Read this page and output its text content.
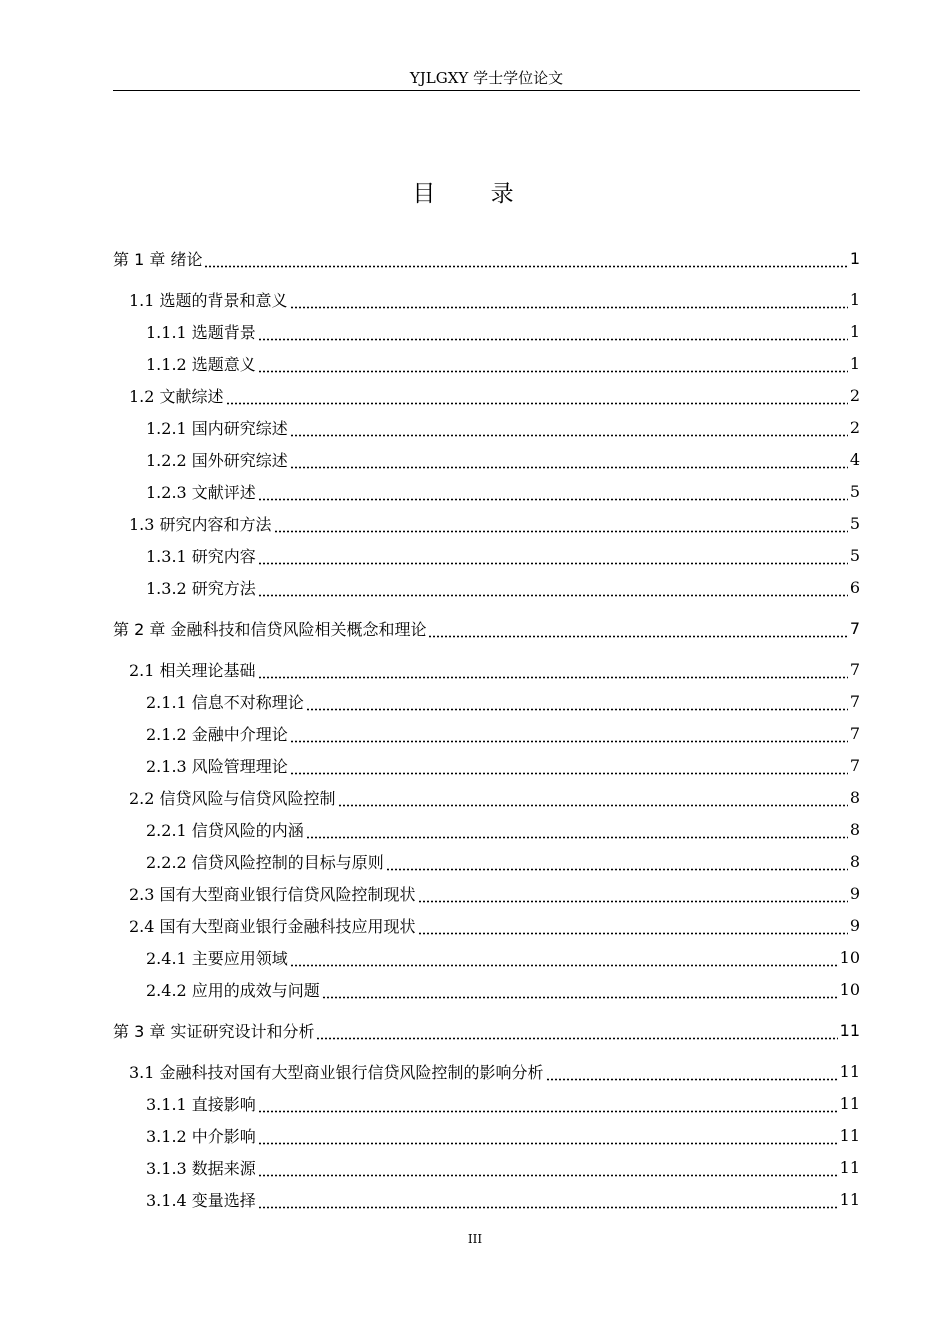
YJLGXY 学士学位论文
目 录
第 1 章 绪论	1
1.1 选题的背景和意义	1
1.1.1 选题背景	1
1.1.2 选题意义	1
1.2 文献综述	2
1.2.1 国内研究综述	2
1.2.2 国外研究综述	4
1.2.3 文献评述	5
1.3 研究内容和方法	5
1.3.1 研究内容	5
1.3.2 研究方法	6
第 2 章 金融科技和信贷风险相关概念和理论	7
2.1 相关理论基础	7
2.1.1 信息不对称理论	7
2.1.2 金融中介理论	7
2.1.3 风险管理理论	7
2.2 信贷风险与信贷风险控制	8
2.2.1 信贷风险的内涵	8
2.2.2 信贷风险控制的目标与原则	8
2.3 国有大型商业银行信贷风险控制现状	9
2.4 国有大型商业银行金融科技应用现状	9
2.4.1 主要应用领域	10
2.4.2 应用的成效与问题	10
第 3 章 实证研究设计和分析	11
3.1 金融科技对国有大型商业银行信贷风险控制的影响分析	11
3.1.1 直接影响	11
3.1.2 中介影响	11
3.1.3 数据来源	11
3.1.4 变量选择	11
III
